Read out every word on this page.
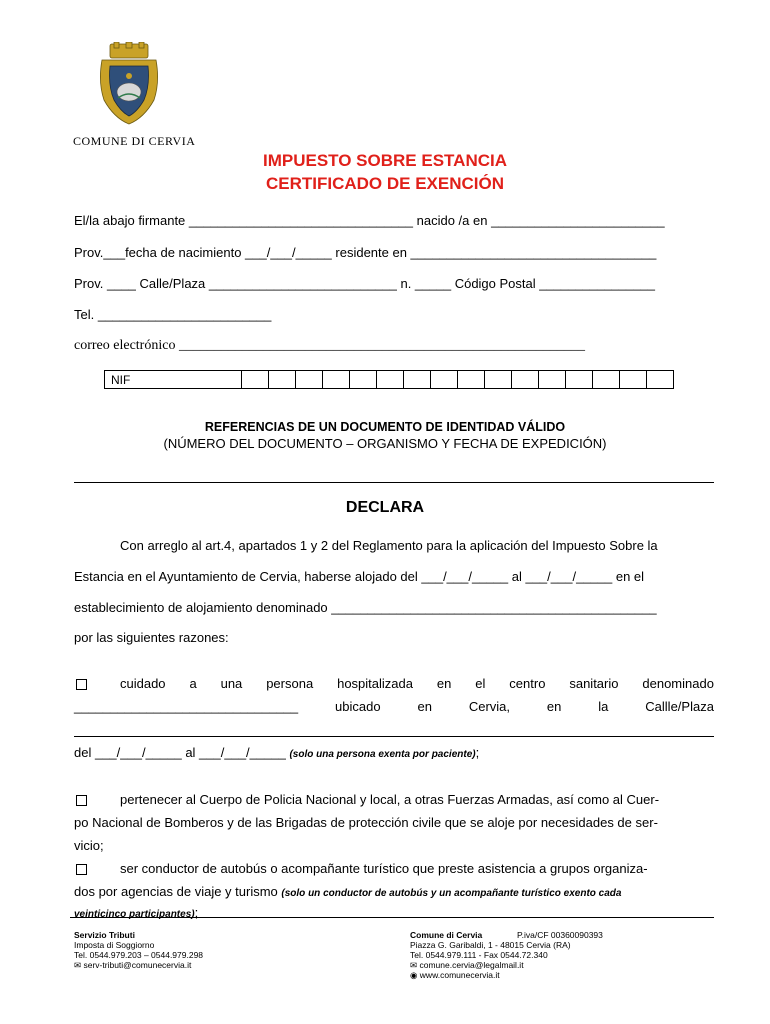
COMUNE DI CERVIA
IMPUESTO SOBRE ESTANCIA
CERTIFICADO DE EXENCIÓN
El/la abajo firmante _______________________________ nacido /a en ________________________
Prov.___fecha de nacimiento ___/___/_____ residente en __________________________________
Prov. ____ Calle/Plaza __________________________ n. _____ Código Postal ________________
Tel. ________________________
correo electrónico __________________________________________________________
NIF																
REFERENCIAS DE UN DOCUMENTO DE IDENTIDAD VÁLIDO
(NÚMERO DEL DOCUMENTO – ORGANISMO Y FECHA DE EXPEDICIÓN)
DECLARA
Con arreglo al art.4, apartados 1 y 2 del Reglamento para la aplicación del Impuesto Sobre la
Estancia en el Ayuntamiento de Cervia, haberse alojado del ___/___/_____ al ___/___/_____ en el
establecimiento de alojamiento denominado _____________________________________________
por las siguientes razones:
cuidado a una persona hospitalizada en el centro sanitario denominado
_______________________________	ubicado	en	Cervia,	en	la	Callle/Plaza
del ___/___/_____ al ___/___/_____ (solo una persona exenta por paciente);
pertenecer al Cuerpo de Policia Nacional y local, a otras Fuerzas Armadas, así como al Cuer-
po Nacional de Bomberos y de las Brigadas de protección civile que se aloje por necesidades de ser-
vicio;
ser conductor de autobús o acompañante turístico que preste asistencia a grupos organiza-
dos por agencias de viaje y turismo (solo un conductor de autobús y un acompañante turístico exento cada
veinticinco participantes);
Servizio Tributi
Imposta di Soggiorno
Tel. 0544.979.203 – 0544.979.298
✉ serv-tributi@comunecervia.it
Comune di Cervia	P.iva/CF 00360090393
Piazza G. Garibaldi, 1 - 48015 Cervia (RA)
Tel. 0544.979.111 - Fax 0544.72.340
✉ comune.cervia@legalmail.it
◉ www.comunecervia.it
